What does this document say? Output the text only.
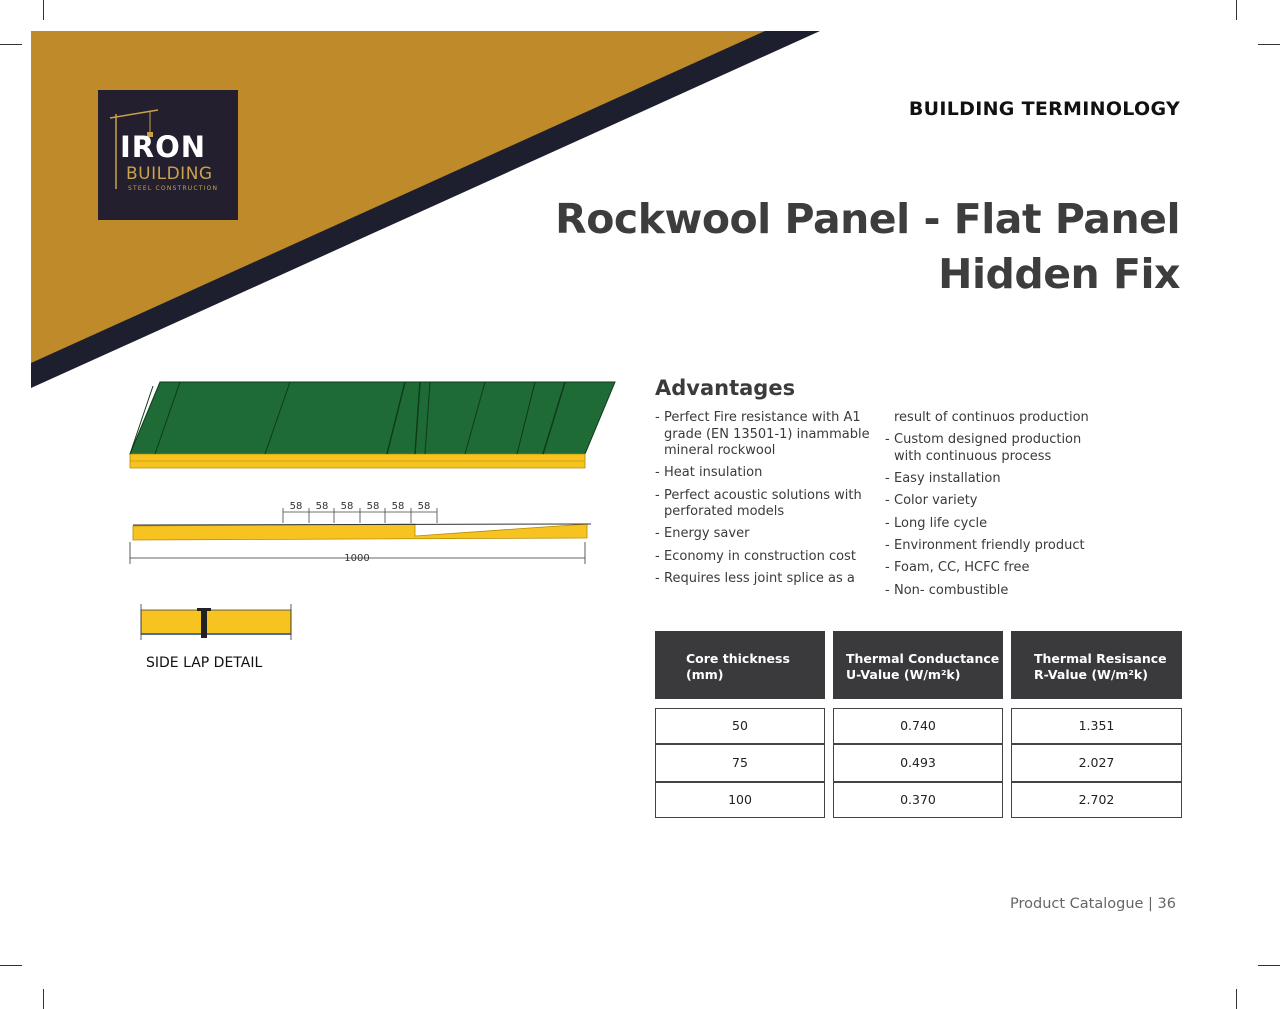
IRON
BUILDING
STEEL CONSTRUCTION
BUILDING TERMINOLOGY
Rockwool Panel - Flat Panel
Hidden Fix
58 58 58 58 58 58
1000
SIDE LAP DETAIL
Advantages
- Perfect Fire resistance with A1 grade (EN 13501-1) inammable mineral rockwool
- Heat insulation
- Perfect acoustic solutions with perforated models
- Energy saver
- Economy in construction cost
- Requires less joint splice as a
result of continuos production
- Custom designed production with continuous process
- Easy installation
- Color variety
- Long life cycle
- Environment friendly product
- Foam, CC, HCFC free
- Non- combustible
Core thickness
(mm)
Thermal Conductance
U-Value (W/m²k)
Thermal Resisance
R-Value (W/m²k)
50	0.740	1.351
75	0.493	2.027
100	0.370	2.702
Product Catalogue | 36
